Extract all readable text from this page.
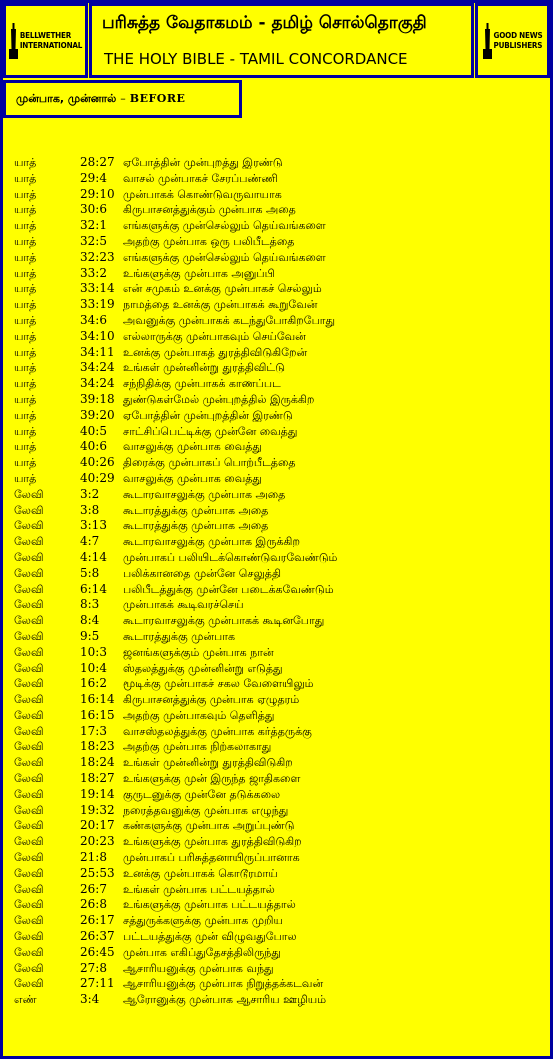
BELLWETHER
INTERNATIONAL
பரிசுத்த வேதாகமம் - தமிழ் சொல்தொகுதி
THE HOLY BIBLE - TAMIL CONCORDANCE
GOOD NEWS
PUBLISHERS
முன்பாக, முன்னால் – BEFORE
யாத்	28:27 ஏபோத்தின் முன்புறத்து இரண்டு
யாத்	29:4 வாசல் முன்பாகச் சேரப்பண்ணி
யாத்	29:10 முன்பாகக் கொண்டுவருவாயாக
யாத்	30:6 கிருபாசனத்துக்கும் முன்பாக அதை
யாத்	32:1 எங்களுக்கு முன்செல்லும் தெய்வங்களை
யாத்	32:5 அதற்கு முன்பாக ஒரு பலிபீடத்தை
யாத்	32:23 எங்களுக்கு முன்செல்லும் தெய்வங்களை
யாத்	33:2 உங்களுக்கு முன்பாக அனுப்பி
யாத்	33:14 என் சமுகம் உனக்கு முன்பாகச் செல்லும்
யாத்	33:19 நாமத்தை உனக்கு முன்பாகக் கூறுவேன்
யாத்	34:6 அவனுக்கு முன்பாகக் கடந்துபோகிறபோது
யாத்	34:10 எல்லாருக்கு முன்பாகவும் செய்வேன்
யாத்	34:11 உனக்கு முன்பாகத் துரத்திவிடுகிறேன்
யாத்	34:24 உங்கள் முன்னின்று துரத்திவிட்டு
யாத்	34:24 சந்நிதிக்கு முன்பாகக் காணப்பட
யாத்	39:18 துண்டுகள்மேல் முன்புறத்தில் இருக்கிற
யாத்	39:20 ஏபோத்தின் முன்புறத்தின் இரண்டு
யாத்	40:5 சாட்சிப்பெட்டிக்கு முன்னே வைத்து
யாத்	40:6 வாசலுக்கு முன்பாக வைத்து
யாத்	40:26 திரைக்கு முன்பாகப் பொற்பீடத்தை
யாத்	40:29 வாசலுக்கு முன்பாக வைத்து
லேவி	3:2 கூடாரவாசலுக்கு முன்பாக அதை
லேவி	3:8 கூடாரத்துக்கு முன்பாக அதை
லேவி	3:13 கூடாரத்துக்கு முன்பாக அதை
லேவி	4:7 கூடாரவாசலுக்கு முன்பாக இருக்கிற
லேவி	4:14 முன்பாகப் பலியிடக்கொண்டுவரவேண்டும்
லேவி	5:8 பலிக்கானதை முன்னே செலுத்தி
லேவி	6:14 பலிபீடத்துக்கு முன்னே படைக்கவேண்டும்
லேவி	8:3 முன்பாகக் கூடிவரச்செய்
லேவி	8:4 கூடாரவாசலுக்கு முன்பாகக் கூடினபோது
லேவி	9:5 கூடாரத்துக்கு முன்பாக
லேவி	10:3 ஜனங்களுக்கும் முன்பாக நான்
லேவி	10:4 ஸ்தலத்துக்கு முன்னின்று எடுத்து
லேவி	16:2 மூடிக்கு முன்பாகச் சகல வேளையிலும்
லேவி	16:14 கிருபாசனத்துக்கு முன்பாக ஏழுதரம்
லேவி	16:15 அதற்கு முன்பாகவும் தெளித்து
லேவி	17:3 வாசஸ்தலத்துக்கு முன்பாக கர்த்தருக்கு
லேவி	18:23 அதற்கு முன்பாக நிற்கலாகாது
லேவி	18:24 உங்கள் முன்னின்று துரத்திவிடுகிற
லேவி	18:27 உங்களுக்கு முன் இருந்த ஜாதிகளை
லேவி	19:14 குருடனுக்கு முன்னே தடுக்கலை
லேவி	19:32 நரைத்தவனுக்கு முன்பாக எழுந்து
லேவி	20:17 கண்களுக்கு முன்பாக அறுப்புண்டு
லேவி	20:23 உங்களுக்கு முன்பாக துரத்திவிடுகிற
லேவி	21:8 முன்பாகப் பரிசுத்தனாயிருப்பானாக
லேவி	25:53 உனக்கு முன்பாகக் கொடூரமாய்
லேவி	26:7 உங்கள் முன்பாக பட்டயத்தால்
லேவி	26:8 உங்களுக்கு முன்பாக பட்டயத்தால்
லேவி	26:17 சத்துருக்களுக்கு முன்பாக முறிய
லேவி	26:37 பட்டயத்துக்கு முன் விழுவதுபோல
லேவி	26:45 முன்பாக எகிப்துதேசத்திலிருந்து
லேவி	27:8 ஆசாரியனுக்கு முன்பாக வந்து
லேவி	27:11 ஆசாரியனுக்கு முன்பாக நிறுத்தக்கடவன்
எண்	3:4 ஆரோனுக்கு முன்பாக ஆசாரிய ஊழியம்
